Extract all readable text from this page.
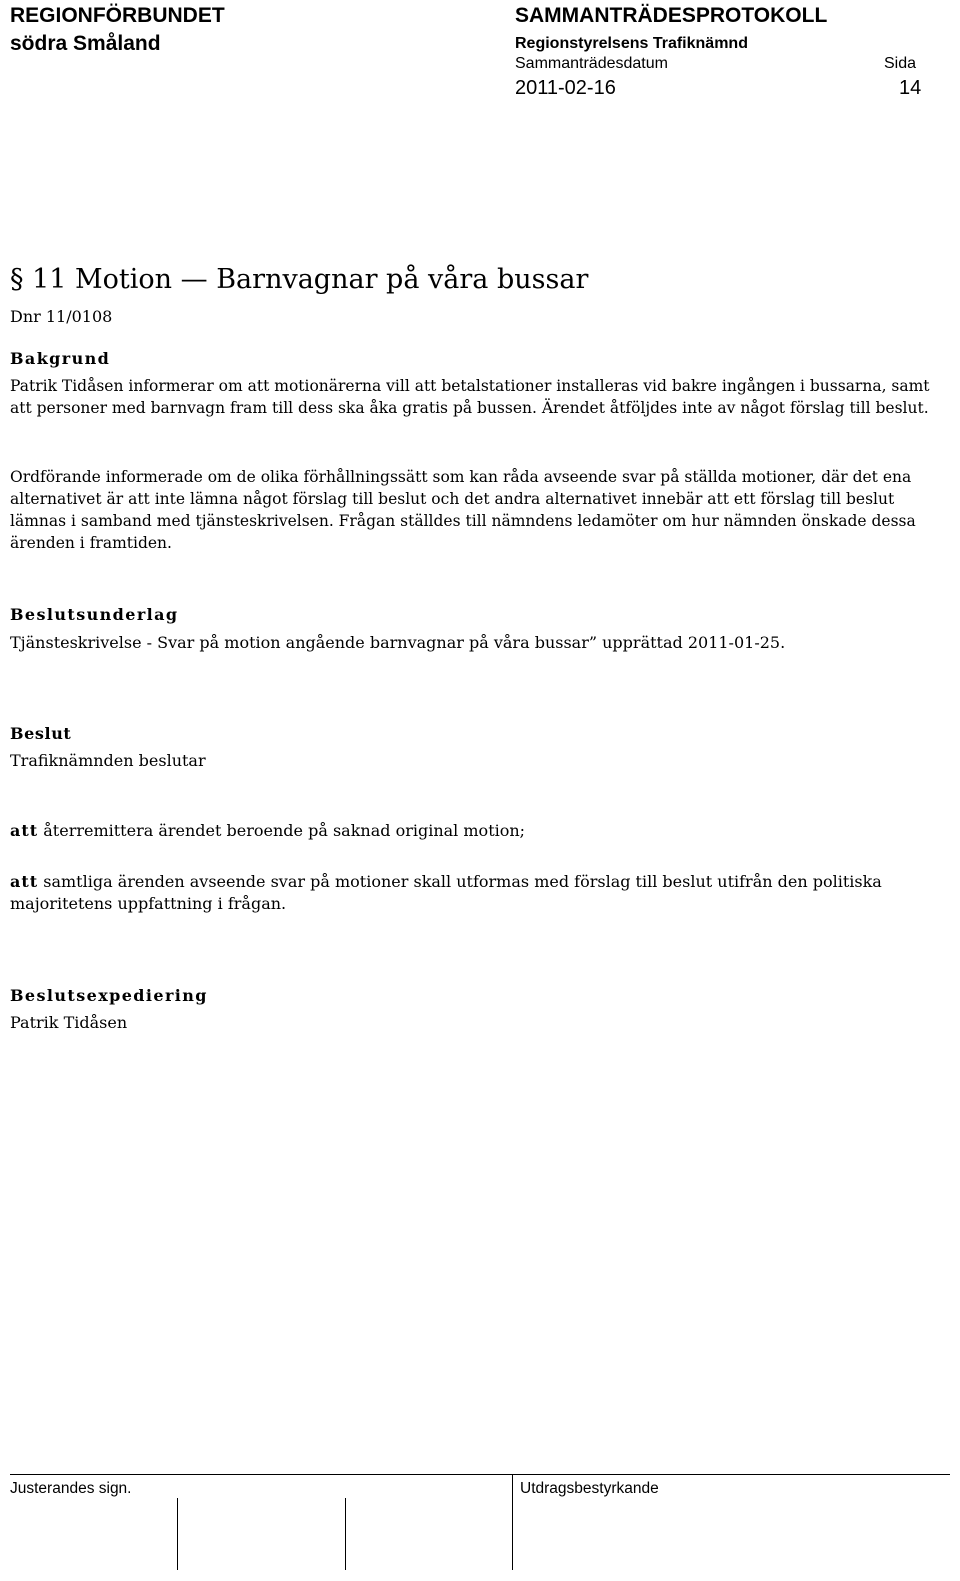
REGIONFÖRBUNDET
södra Småland
SAMMANTRÄDESPROTOKOLL
Regionstyrelsens Trafiknämnd
Sammanträdesdatum	Sida
2011-02-16	14
§ 11 Motion — Barnvagnar på våra bussar
Dnr 11/0108
Bakgrund
Patrik Tidåsen informerar om att motionärerna vill att betalstationer installeras vid bakre ingången i bussarna, samt att personer med barnvagn fram till dess ska åka gratis på bussen. Ärendet åtföljdes inte av något förslag till beslut.
Ordförande informerade om de olika förhållningssätt som kan råda avseende svar på ställda motioner, där det ena alternativet är att inte lämna något förslag till beslut och det andra alternativet innebär att ett förslag till beslut lämnas i samband med tjänsteskrivelsen. Frågan ställdes till nämndens ledamöter om hur nämnden önskade dessa ärenden i framtiden.
Beslutsunderlag
Tjänsteskrivelse - Svar på motion angående barnvagnar på våra bussar” upprättad 2011-01-25.
Beslut
Trafiknämnden beslutar
att återremittera ärendet beroende på saknad original motion;
att samtliga ärenden avseende svar på motioner skall utformas med förslag till beslut utifrån den politiska majoritetens uppfattning i frågan.
Beslutsexpediering
Patrik Tidåsen
Justerandes sign.	Utdragsbestyrkande
